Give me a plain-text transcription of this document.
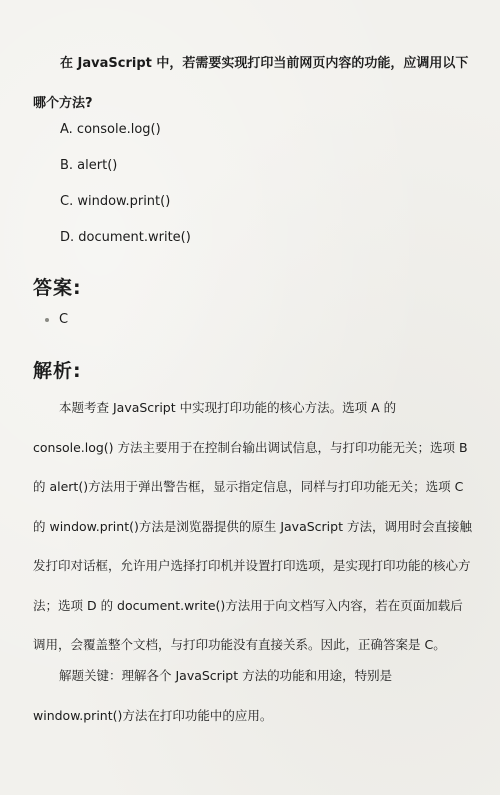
在 JavaScript 中，若需要实现打印当前网页内容的功能，应调用以下哪个方法?

A. console.log()
B. alert()
C. window.print()
D. document.write()
答案:

C

解析:

本题考查 JavaScript 中实现打印功能的核心方法。选项 A 的 console.log() 方法主要用于在控制台输出调试信息，与打印功能无关；选项 B 的 alert()方法用于弹出警告框，显示指定信息，同样与打印功能无关；选项 C 的 window.print()方法是浏览器提供的原生 JavaScript 方法，调用时会直接触发打印对话框，允许用户选择打印机并设置打印选项，是实现打印功能的核心方法；选项 D 的 document.write()方法用于向文档写入内容，若在页面加载后调用，会覆盖整个文档，与打印功能没有直接关系。因此，正确答案是 C。

解题关键：理解各个 JavaScript 方法的功能和用途，特别是 window.print()方法在打印功能中的应用。
